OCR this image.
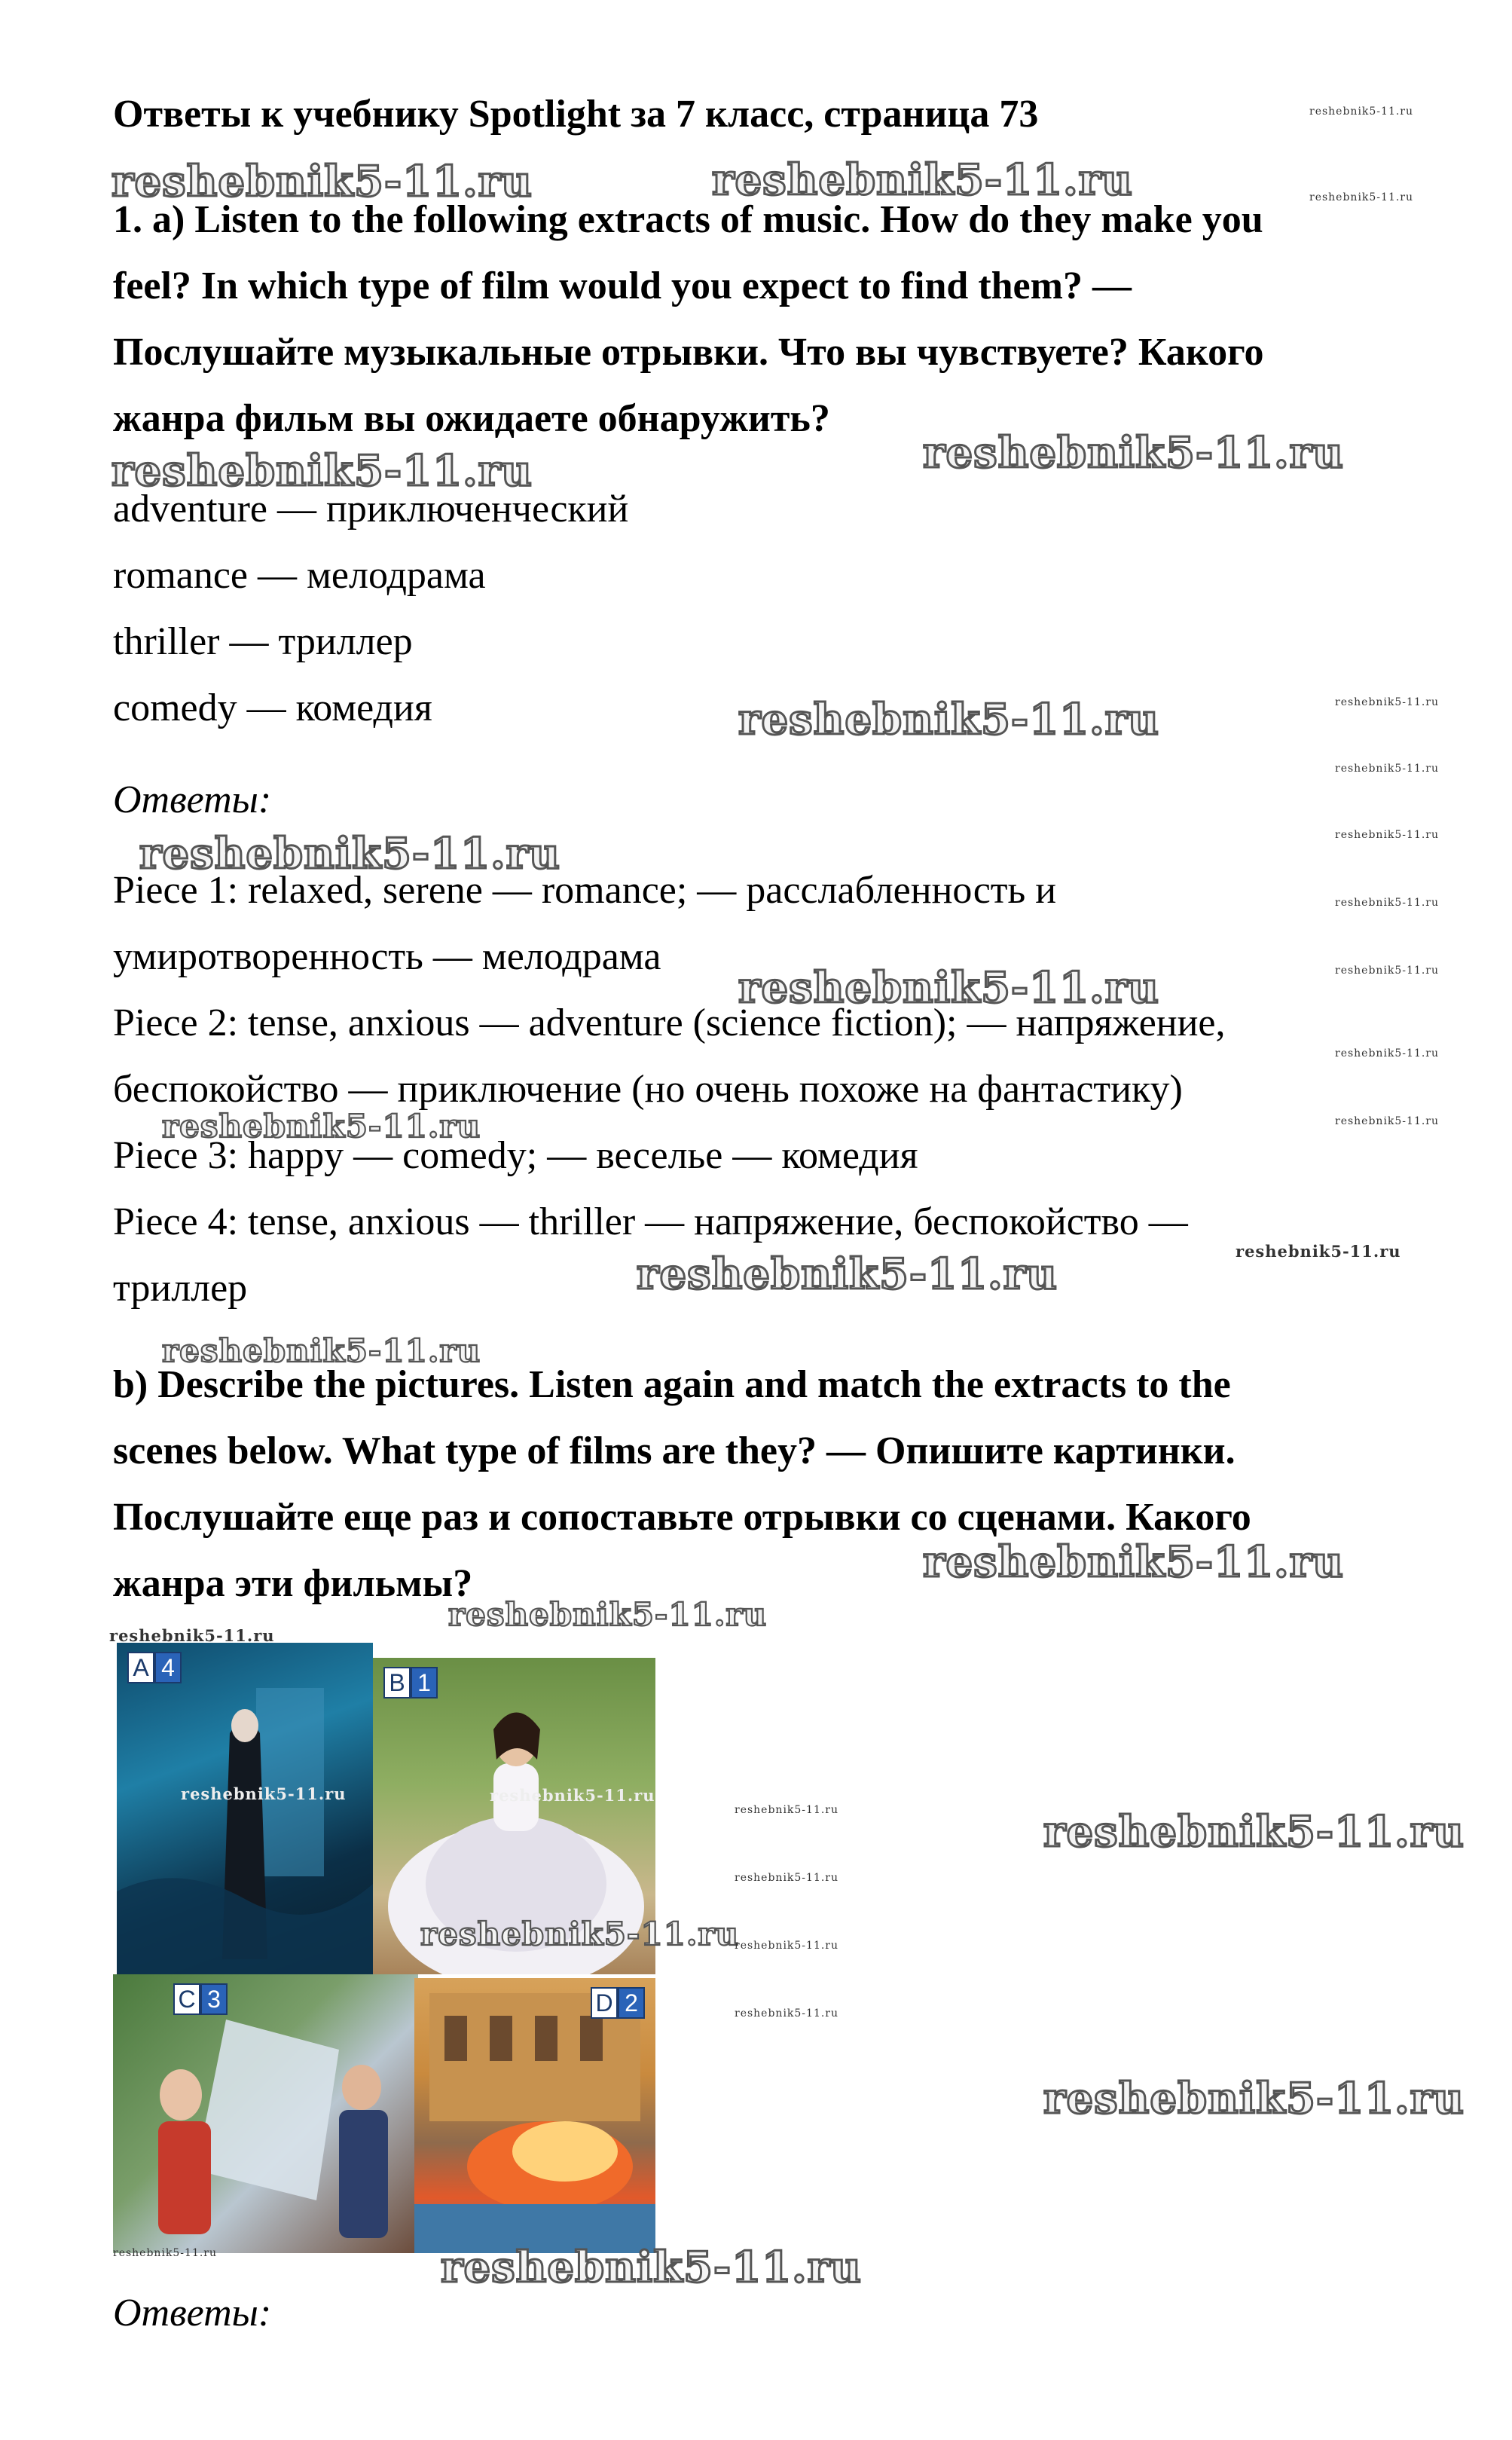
Ответы к учебнику Spotlight за 7 класс, страница 73
1. a) Listen to the following extracts of music. How do they make you
feel? In which type of film would you expect to find them? —
Послушайте музыкальные отрывки. Что вы чувствуете? Какого
жанра фильм вы ожидаете обнаружить?
adventure — приключенческий
romance — мелодрама
thriller — триллер
comedy — комедия
Ответы:
Piece 1: relaxed, serene — romance; — расслабленность и
умиротворенность — мелодрама
Piece 2: tense, anxious — adventure (science fiction); — напряжение,
беспокойство — приключение (но очень похоже на фантастику)
Piece 3: happy — comedy; — веселье — комедия
Piece 4: tense, anxious — thriller — напряжение, беспокойство —
триллер
b) Describe the pictures. Listen again and match the extracts to the
scenes below. What type of films are they? — Опишите картинки.
Послушайте еще раз и сопоставьте отрывки со сценами. Какого
жанра эти фильмы?
A 4
B 1
C 3	D 2
Ответы:
reshebnik5-11.ru	reshebnik5-11.ru
reshebnik5-11.ru	reshebnik5-11.ru
reshebnik5-11.ru
reshebnik5-11.ru
reshebnik5-11.ru
reshebnik5-11.ru
reshebnik5-11.ru
reshebnik5-11.ru
reshebnik5-11.ru
reshebnik5-11.ru
reshebnik5-11.ru
reshebnik5-11.ru
reshebnik5-11.ru
reshebnik5-11.ru
reshebnik5-11.ru
reshebnik5-11.ru
reshebnik5-11.ru	reshebnik5-11.ru
reshebnik5-11.ru
reshebnik5-11.ru
reshebnik5-11.ru
reshebnik5-11.ru
reshebnik5-11.ru
reshebnik5-11.ru
reshebnik5-11.ru
reshebnik5-11.ru
reshebnik5-11.ru
reshebnik5-11.ru
reshebnik5-11.ru
reshebnik5-11.ru
reshebnik5-11.ru
reshebnik5-11.ru
